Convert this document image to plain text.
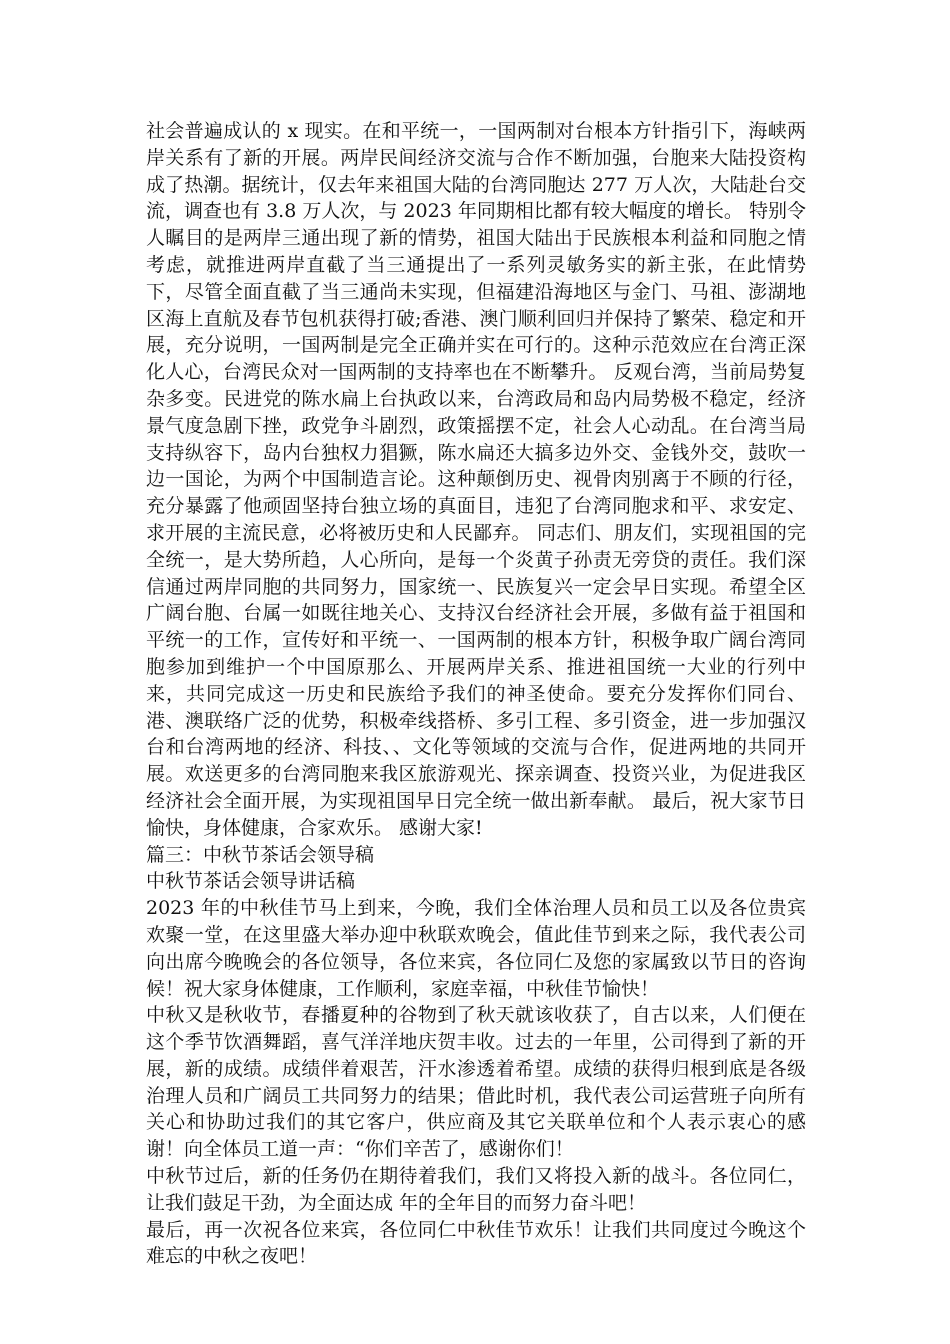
社会普遍成认的 x 现实。在和平统一，一国两制对台根本方针指引下，海峡两岸关系有了新的开展。两岸民间经济交流与合作不断加强，台胞来大陆投资构成了热潮。据统计，仅去年来祖国大陆的台湾同胞达 277 万人次，大陆赴台交流，调查也有 3.8 万人次，与 2023 年同期相比都有较大幅度的增长。 特别令人瞩目的是两岸三通出现了新的情势，祖国大陆出于民族根本利益和同胞之情考虑，就推进两岸直截了当三通提出了一系列灵敏务实的新主张，在此情势下，尽管全面直截了当三通尚未实现，但福建沿海地区与金门、马祖、澎湖地区海上直航及春节包机获得打破;香港、澳门顺利回归并保持了繁荣、稳定和开展，充分说明，一国两制是完全正确并实在可行的。这种示范效应在台湾正深化人心，台湾民众对一国两制的支持率也在不断攀升。 反观台湾，当前局势复杂多变。民进党的陈水扁上台执政以来，台湾政局和岛内局势极不稳定，经济景气度急剧下挫，政党争斗剧烈，政策摇摆不定，社会人心动乱。在台湾当局支持纵容下，岛内台独权力猖獗，陈水扁还大搞多边外交、金钱外交，鼓吹一边一国论，为两个中国制造言论。这种颠倒历史、视骨肉别离于不顾的行径，充分暴露了他顽固坚持台独立场的真面目，违犯了台湾同胞求和平、求安定、求开展的主流民意，必将被历史和人民鄙弃。 同志们、朋友们，实现祖国的完全统一，是大势所趋，人心所向，是每一个炎黄子孙责无旁贷的责任。我们深信通过两岸同胞的共同努力，国家统一、民族复兴一定会早日实现。希望全区广阔台胞、台属一如既往地关心、支持汉台经济社会开展，多做有益于祖国和平统一的工作，宣传好和平统一、一国两制的根本方针，积极争取广阔台湾同胞参加到维护一个中国原那么、开展两岸关系、推进祖国统一大业的行列中来，共同完成这一历史和民族给予我们的神圣使命。要充分发挥你们同台、港、澳联络广泛的优势，积极牵线搭桥、多引工程、多引资金，进一步加强汉台和台湾两地的经济、科技、、文化等领域的交流与合作，促进两地的共同开展。欢送更多的台湾同胞来我区旅游观光、探亲调查、投资兴业，为促进我区经济社会全面开展，为实现祖国早日完全统一做出新奉献。 最后，祝大家节日愉快，身体健康，合家欢乐。 感谢大家!

篇三：中秋节茶话会领导稿

中秋节茶话会领导讲话稿

2023 年的中秋佳节马上到来，今晚，我们全体治理人员和员工以及各位贵宾欢聚一堂，在这里盛大举办迎中秋联欢晚会，值此佳节到来之际，我代表公司向出席今晚晚会的各位领导，各位来宾，各位同仁及您的家属致以节日的咨询候！祝大家身体健康，工作顺利，家庭幸福，中秋佳节愉快！

中秋又是秋收节，春播夏种的谷物到了秋天就该收获了，自古以来，人们便在这个季节饮酒舞蹈，喜气洋洋地庆贺丰收。过去的一年里，公司得到了新的开展，新的成绩。成绩伴着艰苦，汗水渗透着希望。成绩的获得归根到底是各级治理人员和广阔员工共同努力的结果；借此时机，我代表公司运营班子向所有关心和协助过我们的其它客户，供应商及其它关联单位和个人表示衷心的感谢！向全体员工道一声：“你们辛苦了，感谢你们！

中秋节过后，新的任务仍在期待着我们，我们又将投入新的战斗。各位同仁，让我们鼓足干劲，为全面达成 年的全年目的而努力奋斗吧！

最后，再一次祝各位来宾，各位同仁中秋佳节欢乐！让我们共同度过今晚这个难忘的中秋之夜吧！
